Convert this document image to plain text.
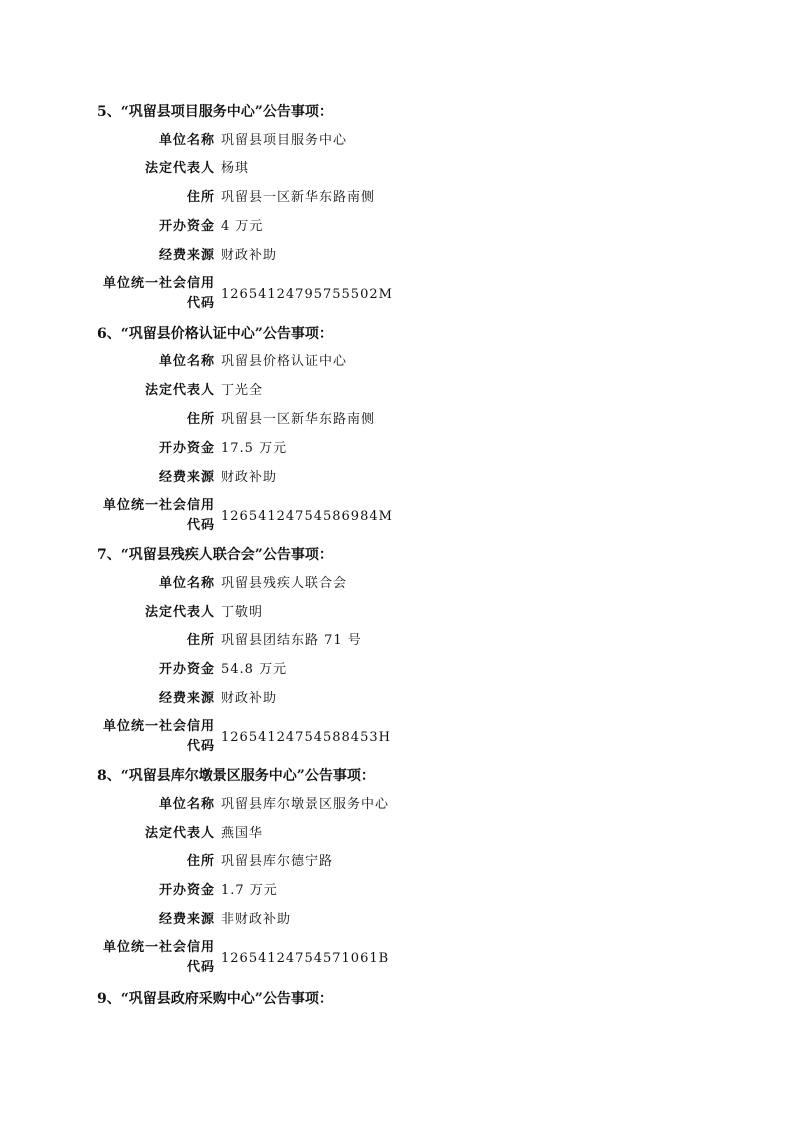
5、“巩留县项目服务中心”公告事项：
单位名称 巩留县项目服务中心
法定代表人 杨琪
住所 巩留县一区新华东路南侧
开办资金 4 万元
经费来源 财政补助
单位统一社会信用
代码
12654124795755502M
6、“巩留县价格认证中心”公告事项：
单位名称 巩留县价格认证中心
法定代表人 丁光全
住所 巩留县一区新华东路南侧
开办资金 17.5 万元
经费来源 财政补助
单位统一社会信用
代码
12654124754586984M
7、“巩留县残疾人联合会”公告事项：
单位名称 巩留县残疾人联合会
法定代表人 丁敬明
住所 巩留县团结东路 71 号
开办资金 54.8 万元
经费来源 财政补助
单位统一社会信用
代码
12654124754588453H
8、“巩留县库尔墩景区服务中心”公告事项：
单位名称 巩留县库尔墩景区服务中心
法定代表人 燕国华
住所 巩留县库尔德宁路
开办资金 1.7 万元
经费来源 非财政补助
单位统一社会信用
代码
12654124754571061B
9、“巩留县政府采购中心”公告事项：
